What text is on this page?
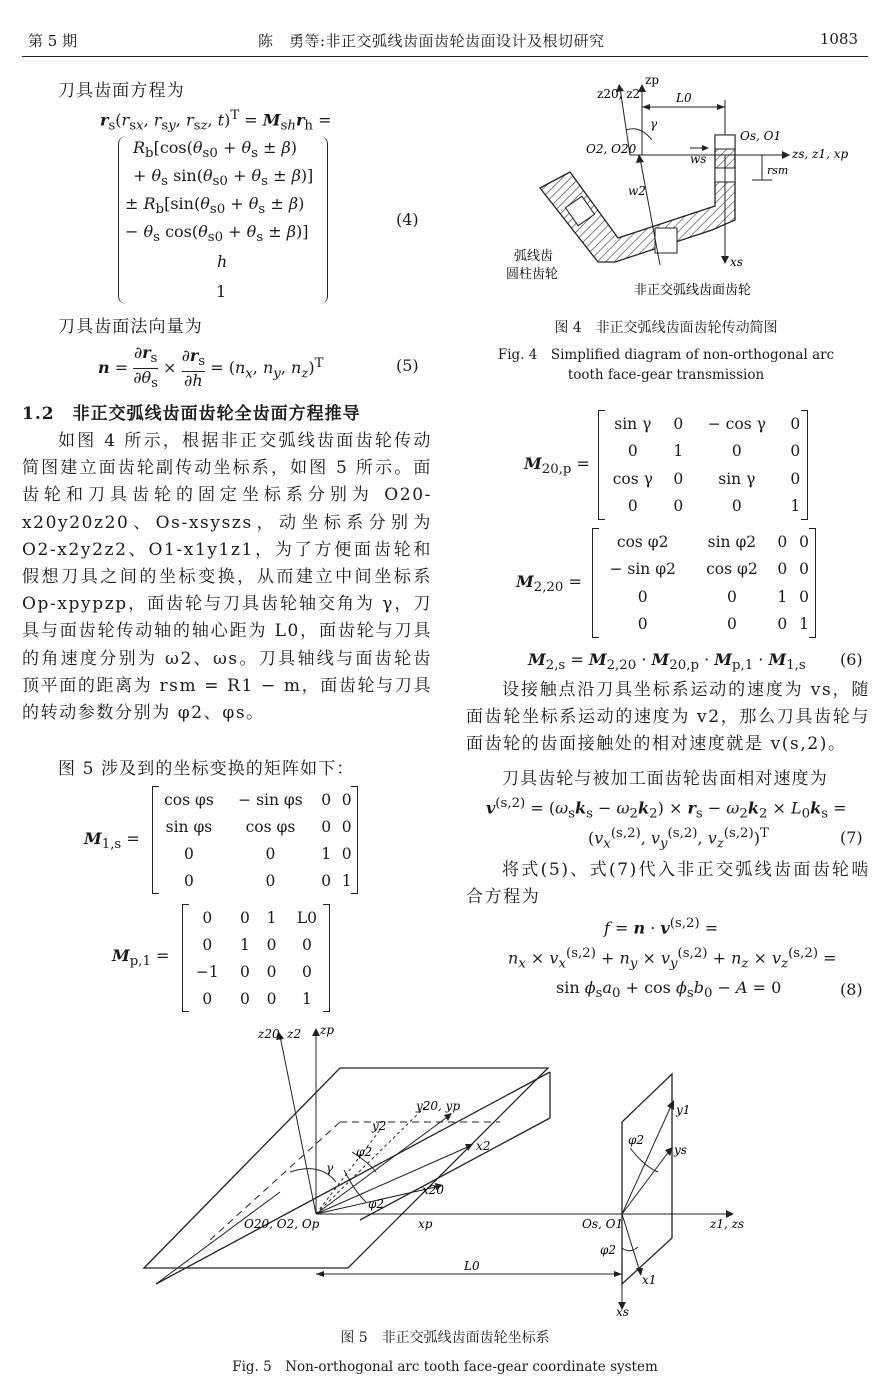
第 5 期	陈　勇等:非正交弧线齿面齿轮齿面设计及根切研究	1083
刀具齿面方程为
$r_s(r_{sx}$, $r_{sy}$, $r_{sz}$, $t)^T = M_{sh}r_h$ =
$R_b[\cos(\theta_{s0} + \theta_s \pm \beta)$
+ $\theta_s$ $\sin(\theta_{s0} + \theta_s \pm \beta)$]
± $R_b[\sin(\theta_{s0} + \theta_s \pm \beta)$
− $\theta_s$ $\cos(\theta_{s0} + \theta_s \pm \beta)$]
h
1
(4)
刀具齿面法向量为
$n = \frac{\partial r_s}{\partial\theta_s} \times \frac{\partial r_s}{\partial h} = (n_x$, $n_y$, $n_z)^T$	(5)
1.2　非正交弧线齿面齿轮全齿面方程推导
如图 4 所示，根据非正交弧线齿面齿轮传动简图建立面齿轮副传动坐标系，如图 5 所示。面齿轮和刀具齿轮的固定坐标系分别为 O20-x20y20z20、Os-xsyszs，动坐标系分别为 O2-x2y2z2、O1-x1y1z1，为了方便面齿轮和假想刀具之间的坐标变换，从而建立中间坐标系 Op-xpypzp，面齿轮与刀具齿轮轴交角为 γ，刀具与面齿轮传动轴的轴心距为 L0，面齿轮与刀具的角速度分别为 ω2、ωs。刀具轴线与面齿轮齿顶平面的距离为 rsm = R1 − m，面齿轮与刀具的转动参数分别为 φ2、φs。
图 5 涉及到的坐标变换的矩阵如下：
$M_{1,s}$ =
cos φs	− sin φs	0	0
sin φs	cos φs	0	0
0	0	1	0
0	0	0	1
$M_{p,1}$ =
0	0	1	L0
0	1	0	0
−1	0	0	0
0	0	0	1
z20, z2
zp
L0
γ
O2, O20
ws
w2
Os, O1
zs, z1, xp
rsm
xs
弧线齿
圆柱齿轮
非正交弧线齿面齿轮
图 4　非正交弧线齿面齿轮传动简图
Fig. 4　Simplified diagram of non-orthogonal arc
tooth face-gear transmission
$M_{20,p}$ =
sin γ	0	− cos γ	0
0	1	0	0
cos γ	0	sin γ	0
0	0	0	1
$M_{2,20}$ =
cos φ2	sin φ2	0	0
− sin φ2	cos φ2	0	0
0	0	1	0
0	0	0	1
$M_{2,s} = M_{2,20} \cdot M_{20,p} \cdot M_{p,1} \cdot M_{1,s}$ (6)
设接触点沿刀具坐标系运动的速度为 vs，随面齿轮坐标系运动的速度为 v2，那么刀具齿轮与面齿轮的齿面接触处的相对速度就是 v(s,2)。
刀具齿轮与被加工面齿轮齿面相对速度为
$v^{(s,2)} = (\omega_sk_s - \omega_2k_2) \times r_s - \omega_2k_2 \times L_0k_s$ =
($v_x^{(s,2)}$, $v_y^{(s,2)}$, $v_z^{(s,2)})^T$	(7)
将式(5)、式(7)代入非正交弧线齿面齿轮啮合方程为
$f = n \cdot v^{(s,2)}$ =
$n_x \times v_x^{(s,2)} + n_y \times v_y^{(s,2)} + n_z \times v_z^{(s,2)}$ =
$\sin \phi_sa_0 + \cos \phi_sb_0 - A = 0$	(8)
z20, z2 zp
y20, yp
y2
φ2	x2
γ
x20
φ2
O20, O2, Op	xp	Os, O1	z1, zs
y1
ys
φ2
φ2
x1
xs
L0
图 5　非正交弧线齿面齿轮坐标系
Fig. 5　Non-orthogonal arc tooth face-gear coordinate system
